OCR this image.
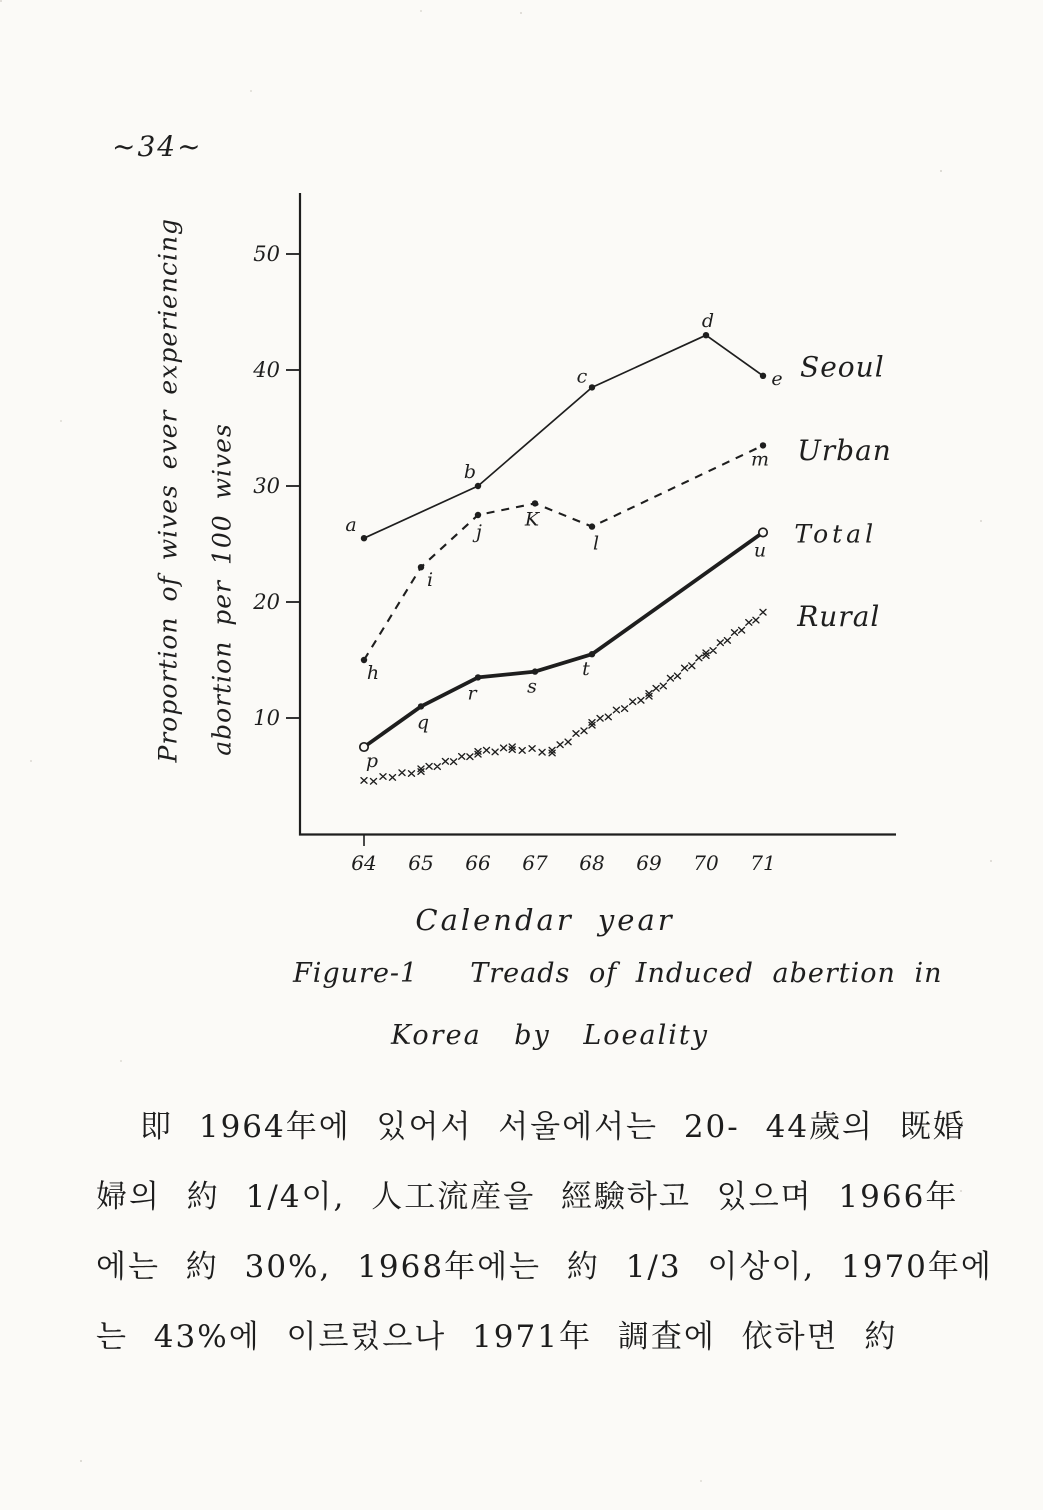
~34~
Proportion of wives ever experiencing abortion per 100 wives 10
20
30
40
50
64 65 66 67 68 69 70 71
a
b
c
d
e Seoul
h
i
j
K
l
m Urban
p
q
r	s
t
u
Total
Rural
Calendar year
Figure-1 Treads of Induced abertion in
Korea by Loeality

即 1964年에 있어서 서울에서는 20- 44歲의 既婚

婦의 約 1/4이, 人工流産을 經驗하고 있으며 1966年

에는 約 30%, 1968年에는 約 1/3 이상이, 1970年에

는 43%에 이르렀으나 1971年 調査에 依하면 約
